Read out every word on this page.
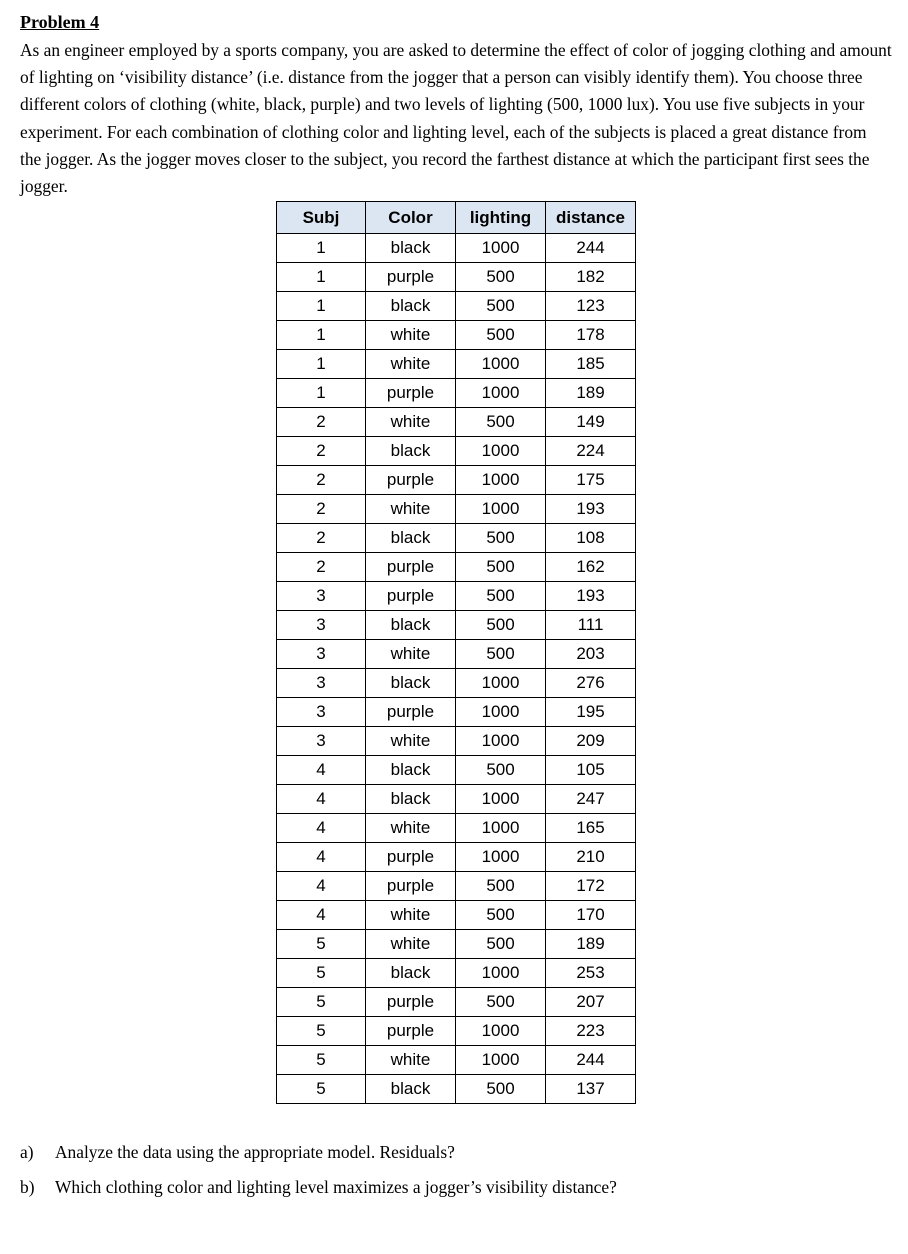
Problem 4

As an engineer employed by a sports company, you are asked to determine the effect of color of jogging clothing and amount of lighting on ‘visibility distance’ (i.e. distance from the jogger that a person can visibly identify them). You choose three different colors of clothing (white, black, purple) and two levels of lighting (500, 1000 lux). You use five subjects in your experiment. For each combination of clothing color and lighting level, each of the subjects is placed a great distance from the jogger. As the jogger moves closer to the subject, you record the farthest distance at which the participant first sees the jogger.

Subj	Color	lighting	distance
1	black	1000	244
1	purple	500	182
1	black	500	123
1	white	500	178
1	white	1000	185
1	purple	1000	189
2	white	500	149
2	black	1000	224
2	purple	1000	175
2	white	1000	193
2	black	500	108
2	purple	500	162
3	purple	500	193
3	black	500	111
3	white	500	203
3	black	1000	276
3	purple	1000	195
3	white	1000	209
4	black	500	105
4	black	1000	247
4	white	1000	165
4	purple	1000	210
4	purple	500	172
4	white	500	170
5	white	500	189
5	black	1000	253
5	purple	500	207
5	purple	1000	223
5	white	1000	244
5	black	500	137
a)	Analyze the data using the appropriate model. Residuals?
b)	Which clothing color and lighting level maximizes a jogger’s visibility distance?
